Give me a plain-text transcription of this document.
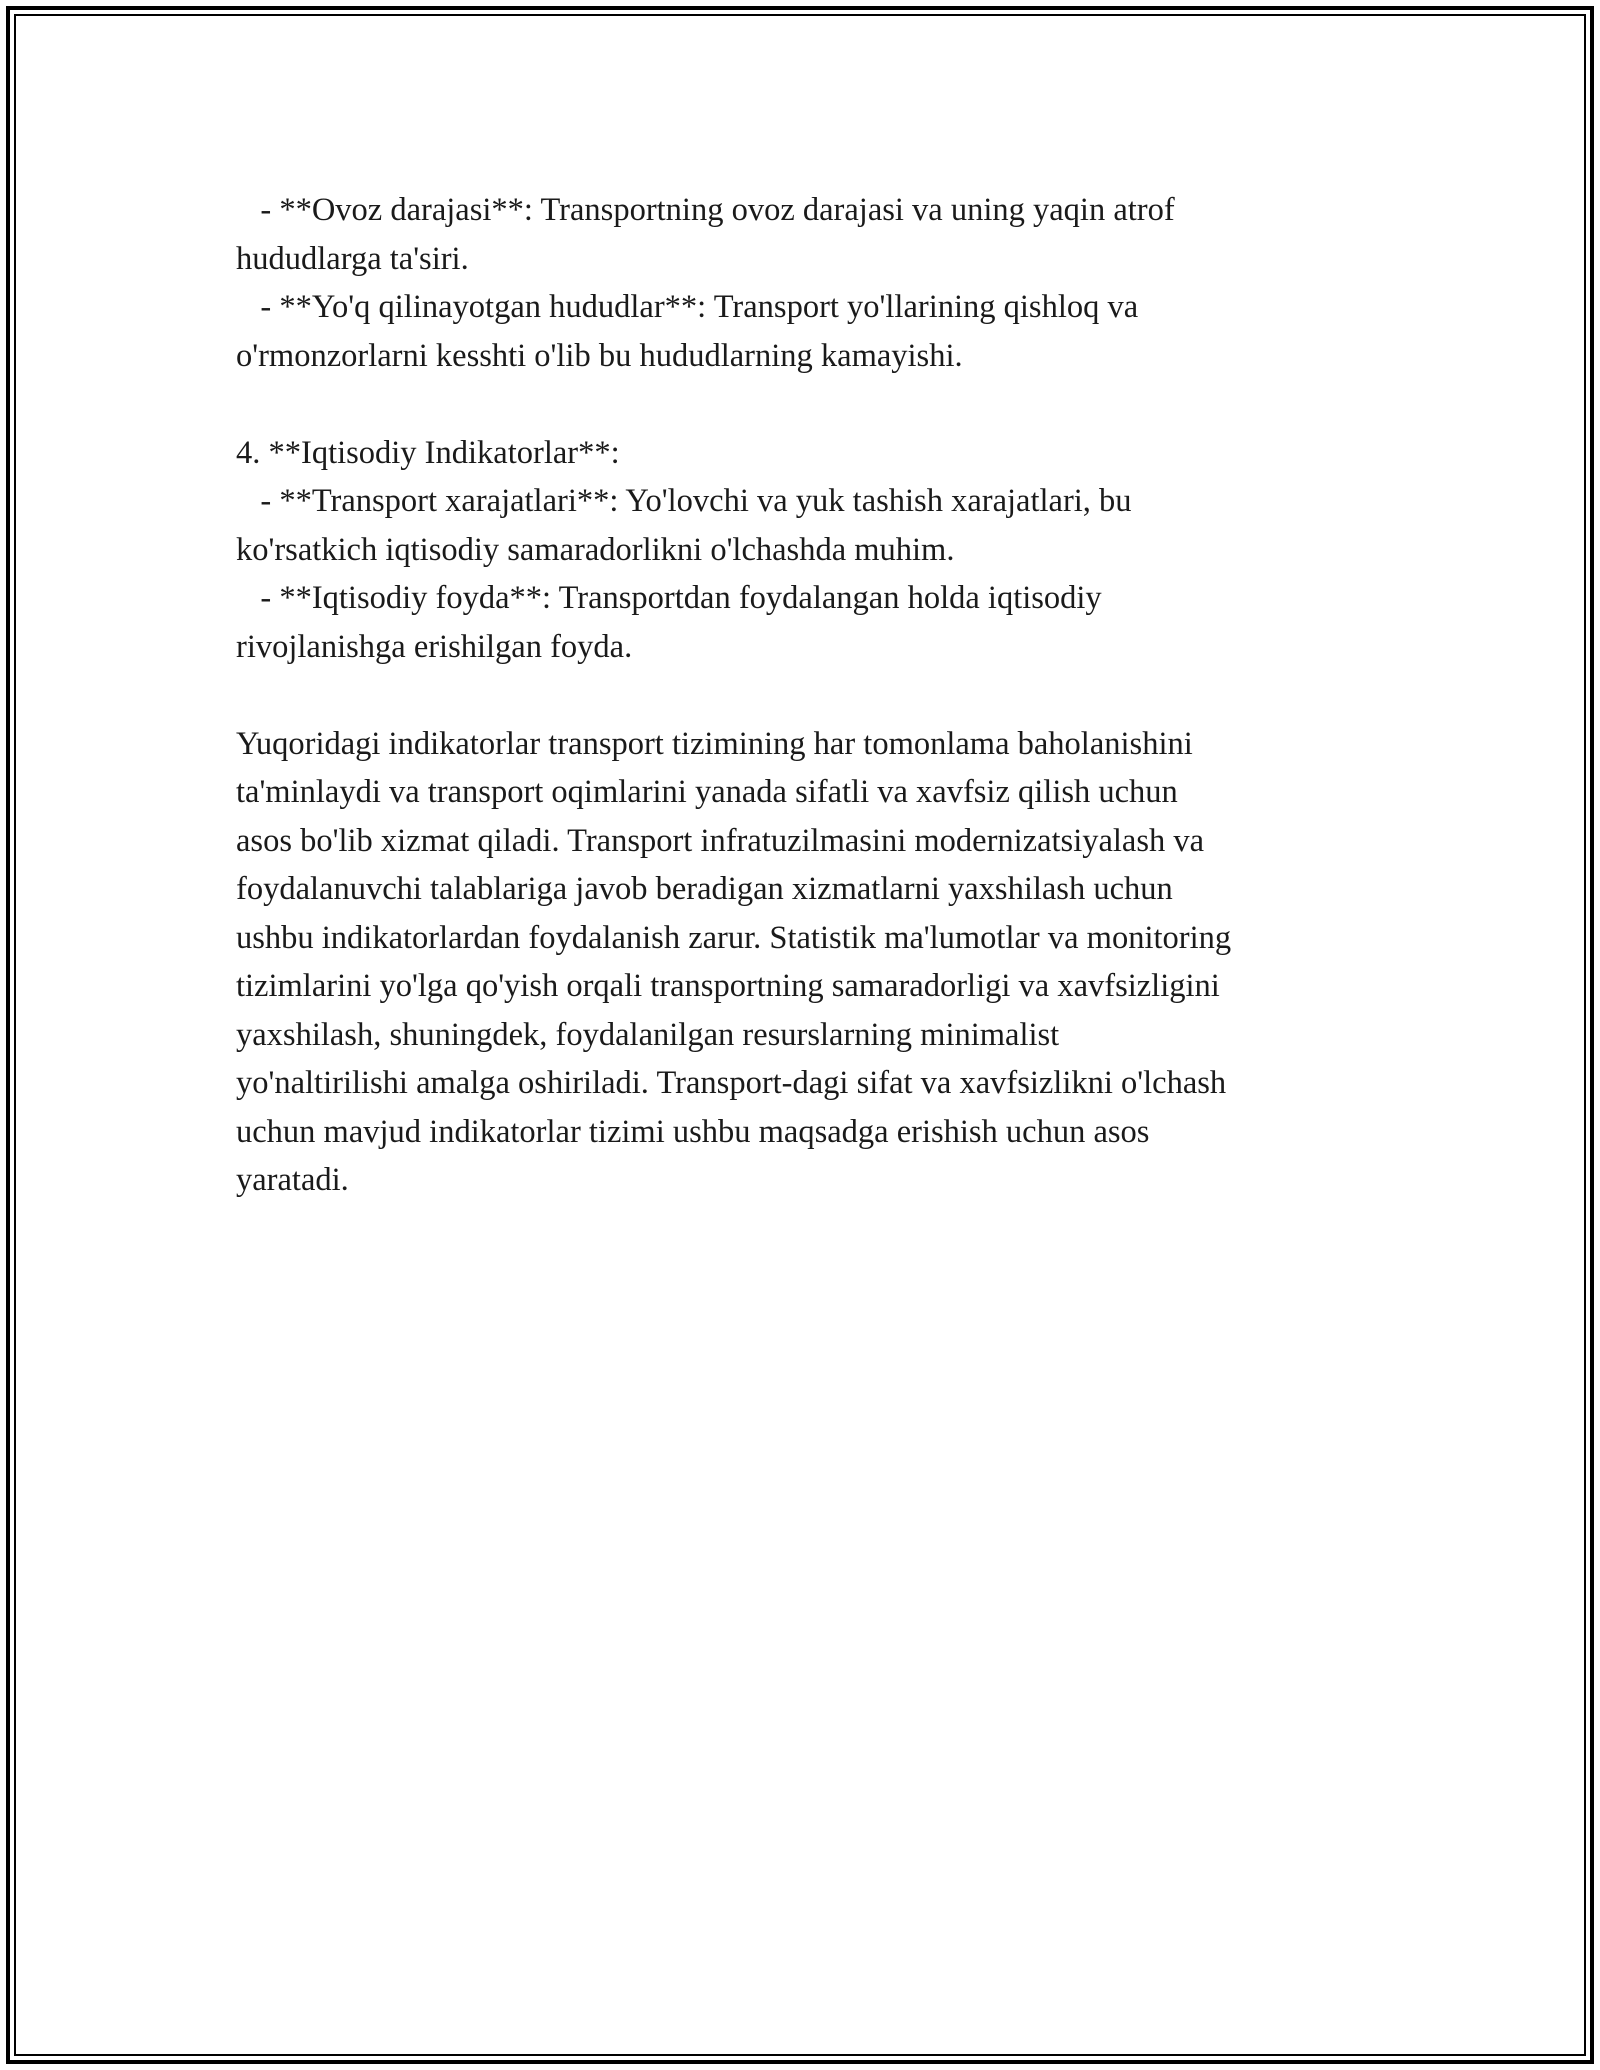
- **Ovoz darajasi**: Transportning ovoz darajasi va uning yaqin atrof
hududlarga ta'siri.
- **Yo'q qilinayotgan hududlar**: Transport yo'llarining qishloq va
o'rmonzorlarni kesshti o'lib bu hududlarning kamayishi.
4. **Iqtisodiy Indikatorlar**:
- **Transport xarajatlari**: Yo'lovchi va yuk tashish xarajatlari, bu
ko'rsatkich iqtisodiy samaradorlikni o'lchashda muhim.
- **Iqtisodiy foyda**: Transportdan foydalangan holda iqtisodiy
rivojlanishga erishilgan foyda.
Yuqoridagi indikatorlar transport tizimining har tomonlama baholanishini
ta'minlaydi va transport oqimlarini yanada sifatli va xavfsiz qilish uchun
asos bo'lib xizmat qiladi. Transport infratuzilmasini modernizatsiyalash va
foydalanuvchi talablariga javob beradigan xizmatlarni yaxshilash uchun
ushbu indikatorlardan foydalanish zarur. Statistik ma'lumotlar va monitoring
tizimlarini yo'lga qo'yish orqali transportning samaradorligi va xavfsizligini
yaxshilash, shuningdek, foydalanilgan resurslarning minimalist
yo'naltirilishi amalga oshiriladi. Transport-dagi sifat va xavfsizlikni o'lchash
uchun mavjud indikatorlar tizimi ushbu maqsadga erishish uchun asos
yaratadi.
